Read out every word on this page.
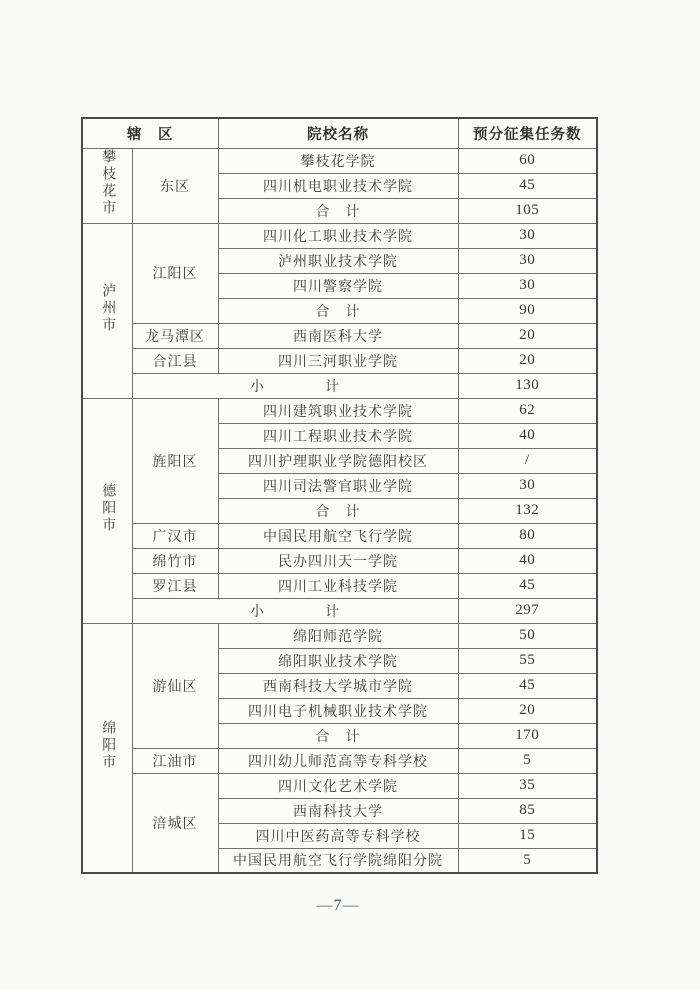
辖　区		院校名称	预分征集任务数
攀枝花市	东区	攀枝花学院	60
		四川机电职业技术学院	45
		合　计	105
泸州市	江阳区	四川化工职业技术学院	30
		泸州职业技术学院	30
		四川警察学院	30
		合　计	90
	龙马潭区	西南医科大学	20
	合江县	四川三河职业学院	20
	小　　　　计		130
德阳市	旌阳区	四川建筑职业技术学院	62
		四川工程职业技术学院	40
		四川护理职业学院德阳校区	/
		四川司法警官职业学院	30
		合　计	132
	广汉市	中国民用航空飞行学院	80
	绵竹市	民办四川天一学院	40
	罗江县	四川工业科技学院	45
	小　　　　计		297
绵阳市	游仙区	绵阳师范学院	50
		绵阳职业技术学院	55
		西南科技大学城市学院	45
		四川电子机械职业技术学院	20
		合　计	170
	江油市	四川幼儿师范高等专科学校	5
	涪城区	四川文化艺术学院	35
		西南科技大学	85
		四川中医药高等专科学校	15
		中国民用航空飞行学院绵阳分院	5
—7—
